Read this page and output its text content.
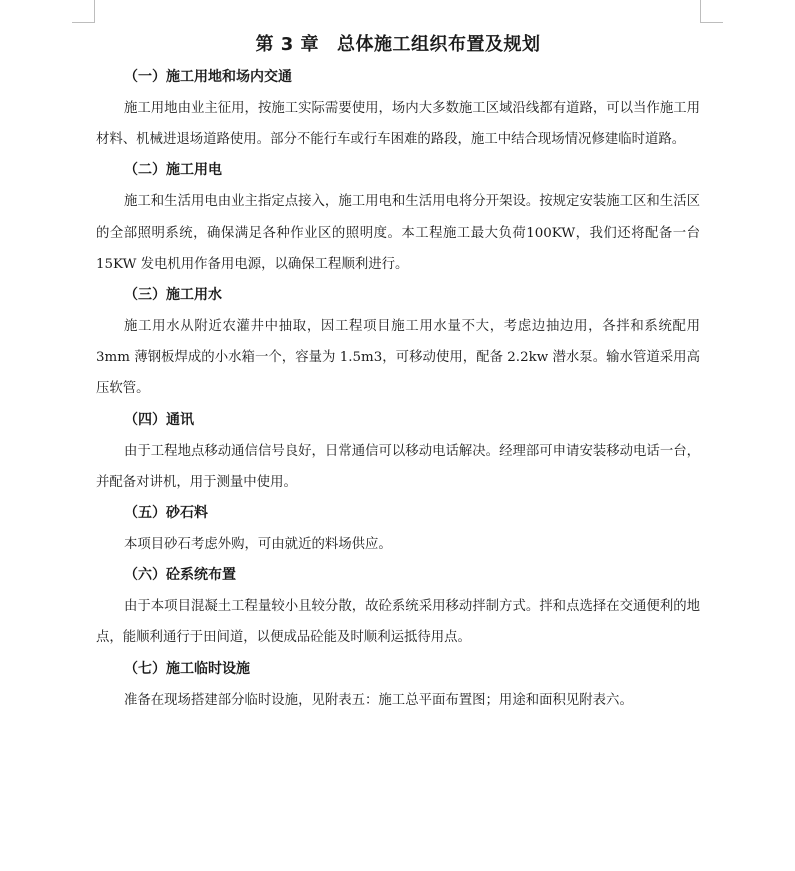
第 3 章 总体施工组织布置及规划

（一）施工用地和场内交通

施工用地由业主征用，按施工实际需要使用，场内大多数施工区域沿线都有道路，可以当作施工用材料、机械进退场道路使用。部分不能行车或行车困难的路段，施工中结合现场情况修建临时道路。

（二）施工用电

施工和生活用电由业主指定点接入，施工用电和生活用电将分开架设。按规定安装施工区和生活区的全部照明系统，确保满足各种作业区的照明度。本工程施工最大负荷100KW，我们还将配备一台 15KW 发电机用作备用电源，以确保工程顺利进行。

（三）施工用水

施工用水从附近农灌井中抽取，因工程项目施工用水量不大，考虑边抽边用，各拌和系统配用 3mm 薄钢板焊成的小水箱一个，容量为 1.5m3，可移动使用，配备 2.2kw 潜水泵。输水管道采用高压软管。

（四）通讯

由于工程地点移动通信信号良好，日常通信可以移动电话解决。经理部可申请安装移动电话一台，并配备对讲机，用于测量中使用。

（五）砂石料

本项目砂石考虑外购，可由就近的料场供应。

（六）砼系统布置

由于本项目混凝土工程量较小且较分散，故砼系统采用移动拌制方式。拌和点选择在交通便利的地点，能顺利通行于田间道，以便成品砼能及时顺利运抵待用点。

（七）施工临时设施

准备在现场搭建部分临时设施，见附表五：施工总平面布置图；用途和面积见附表六。
